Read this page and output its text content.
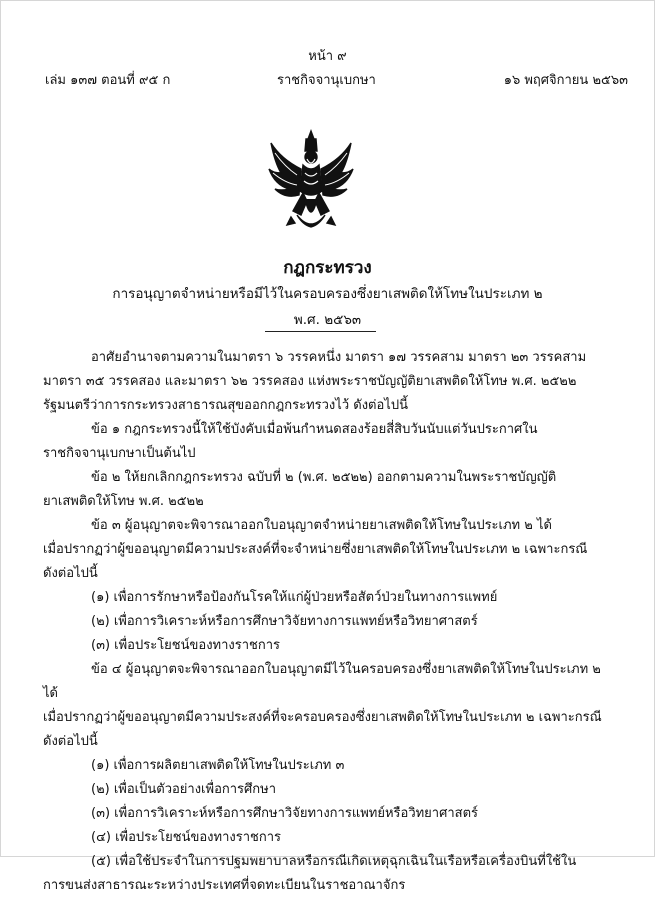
หน้า ๙
เล่ม ๑๓๗ ตอนที่ ๙๕ ก	ราชกิจจานุเบกษา	๑๖ พฤศจิกายน ๒๕๖๓
กฎกระทรวง
การอนุญาตจำหน่ายหรือมีไว้ในครอบครองซึ่งยาเสพติดให้โทษในประเภท ๒
พ.ศ. ๒๕๖๓

อาศัยอำนาจตามความในมาตรา ๖ วรรคหนึ่ง มาตรา ๑๗ วรรคสาม มาตรา ๒๓ วรรคสาม

มาตรา ๓๕ วรรคสอง และมาตรา ๖๒ วรรคสอง แห่งพระราชบัญญัติยาเสพติดให้โทษ พ.ศ. ๒๕๒๒

รัฐมนตรีว่าการกระทรวงสาธารณสุขออกกฎกระทรวงไว้ ดังต่อไปนี้

ข้อ ๑ กฎกระทรวงนี้ให้ใช้บังคับเมื่อพ้นกำหนดสองร้อยสี่สิบวันนับแต่วันประกาศใน

ราชกิจจานุเบกษาเป็นต้นไป

ข้อ ๒ ให้ยกเลิกกฎกระทรวง ฉบับที่ ๒ (พ.ศ. ๒๕๒๒) ออกตามความในพระราชบัญญัติ

ยาเสพติดให้โทษ พ.ศ. ๒๕๒๒

ข้อ ๓ ผู้อนุญาตจะพิจารณาออกใบอนุญาตจำหน่ายยาเสพติดให้โทษในประเภท ๒ ได้

เมื่อปรากฏว่าผู้ขออนุญาตมีความประสงค์ที่จะจำหน่ายซึ่งยาเสพติดให้โทษในประเภท ๒ เฉพาะกรณี

ดังต่อไปนี้

(๑) เพื่อการรักษาหรือป้องกันโรคให้แก่ผู้ป่วยหรือสัตว์ป่วยในทางการแพทย์

(๒) เพื่อการวิเคราะห์หรือการศึกษาวิจัยทางการแพทย์หรือวิทยาศาสตร์

(๓) เพื่อประโยชน์ของทางราชการ

ข้อ ๔ ผู้อนุญาตจะพิจารณาออกใบอนุญาตมีไว้ในครอบครองซึ่งยาเสพติดให้โทษในประเภท ๒ ได้

เมื่อปรากฏว่าผู้ขออนุญาตมีความประสงค์ที่จะครอบครองซึ่งยาเสพติดให้โทษในประเภท ๒ เฉพาะกรณี

ดังต่อไปนี้

(๑) เพื่อการผลิตยาเสพติดให้โทษในประเภท ๓

(๒) เพื่อเป็นตัวอย่างเพื่อการศึกษา

(๓) เพื่อการวิเคราะห์หรือการศึกษาวิจัยทางการแพทย์หรือวิทยาศาสตร์

(๔) เพื่อประโยชน์ของทางราชการ

(๕) เพื่อใช้ประจำในการปฐมพยาบาลหรือกรณีเกิดเหตุฉุกเฉินในเรือหรือเครื่องบินที่ใช้ใน

การขนส่งสาธารณะระหว่างประเทศที่จดทะเบียนในราชอาณาจักร
